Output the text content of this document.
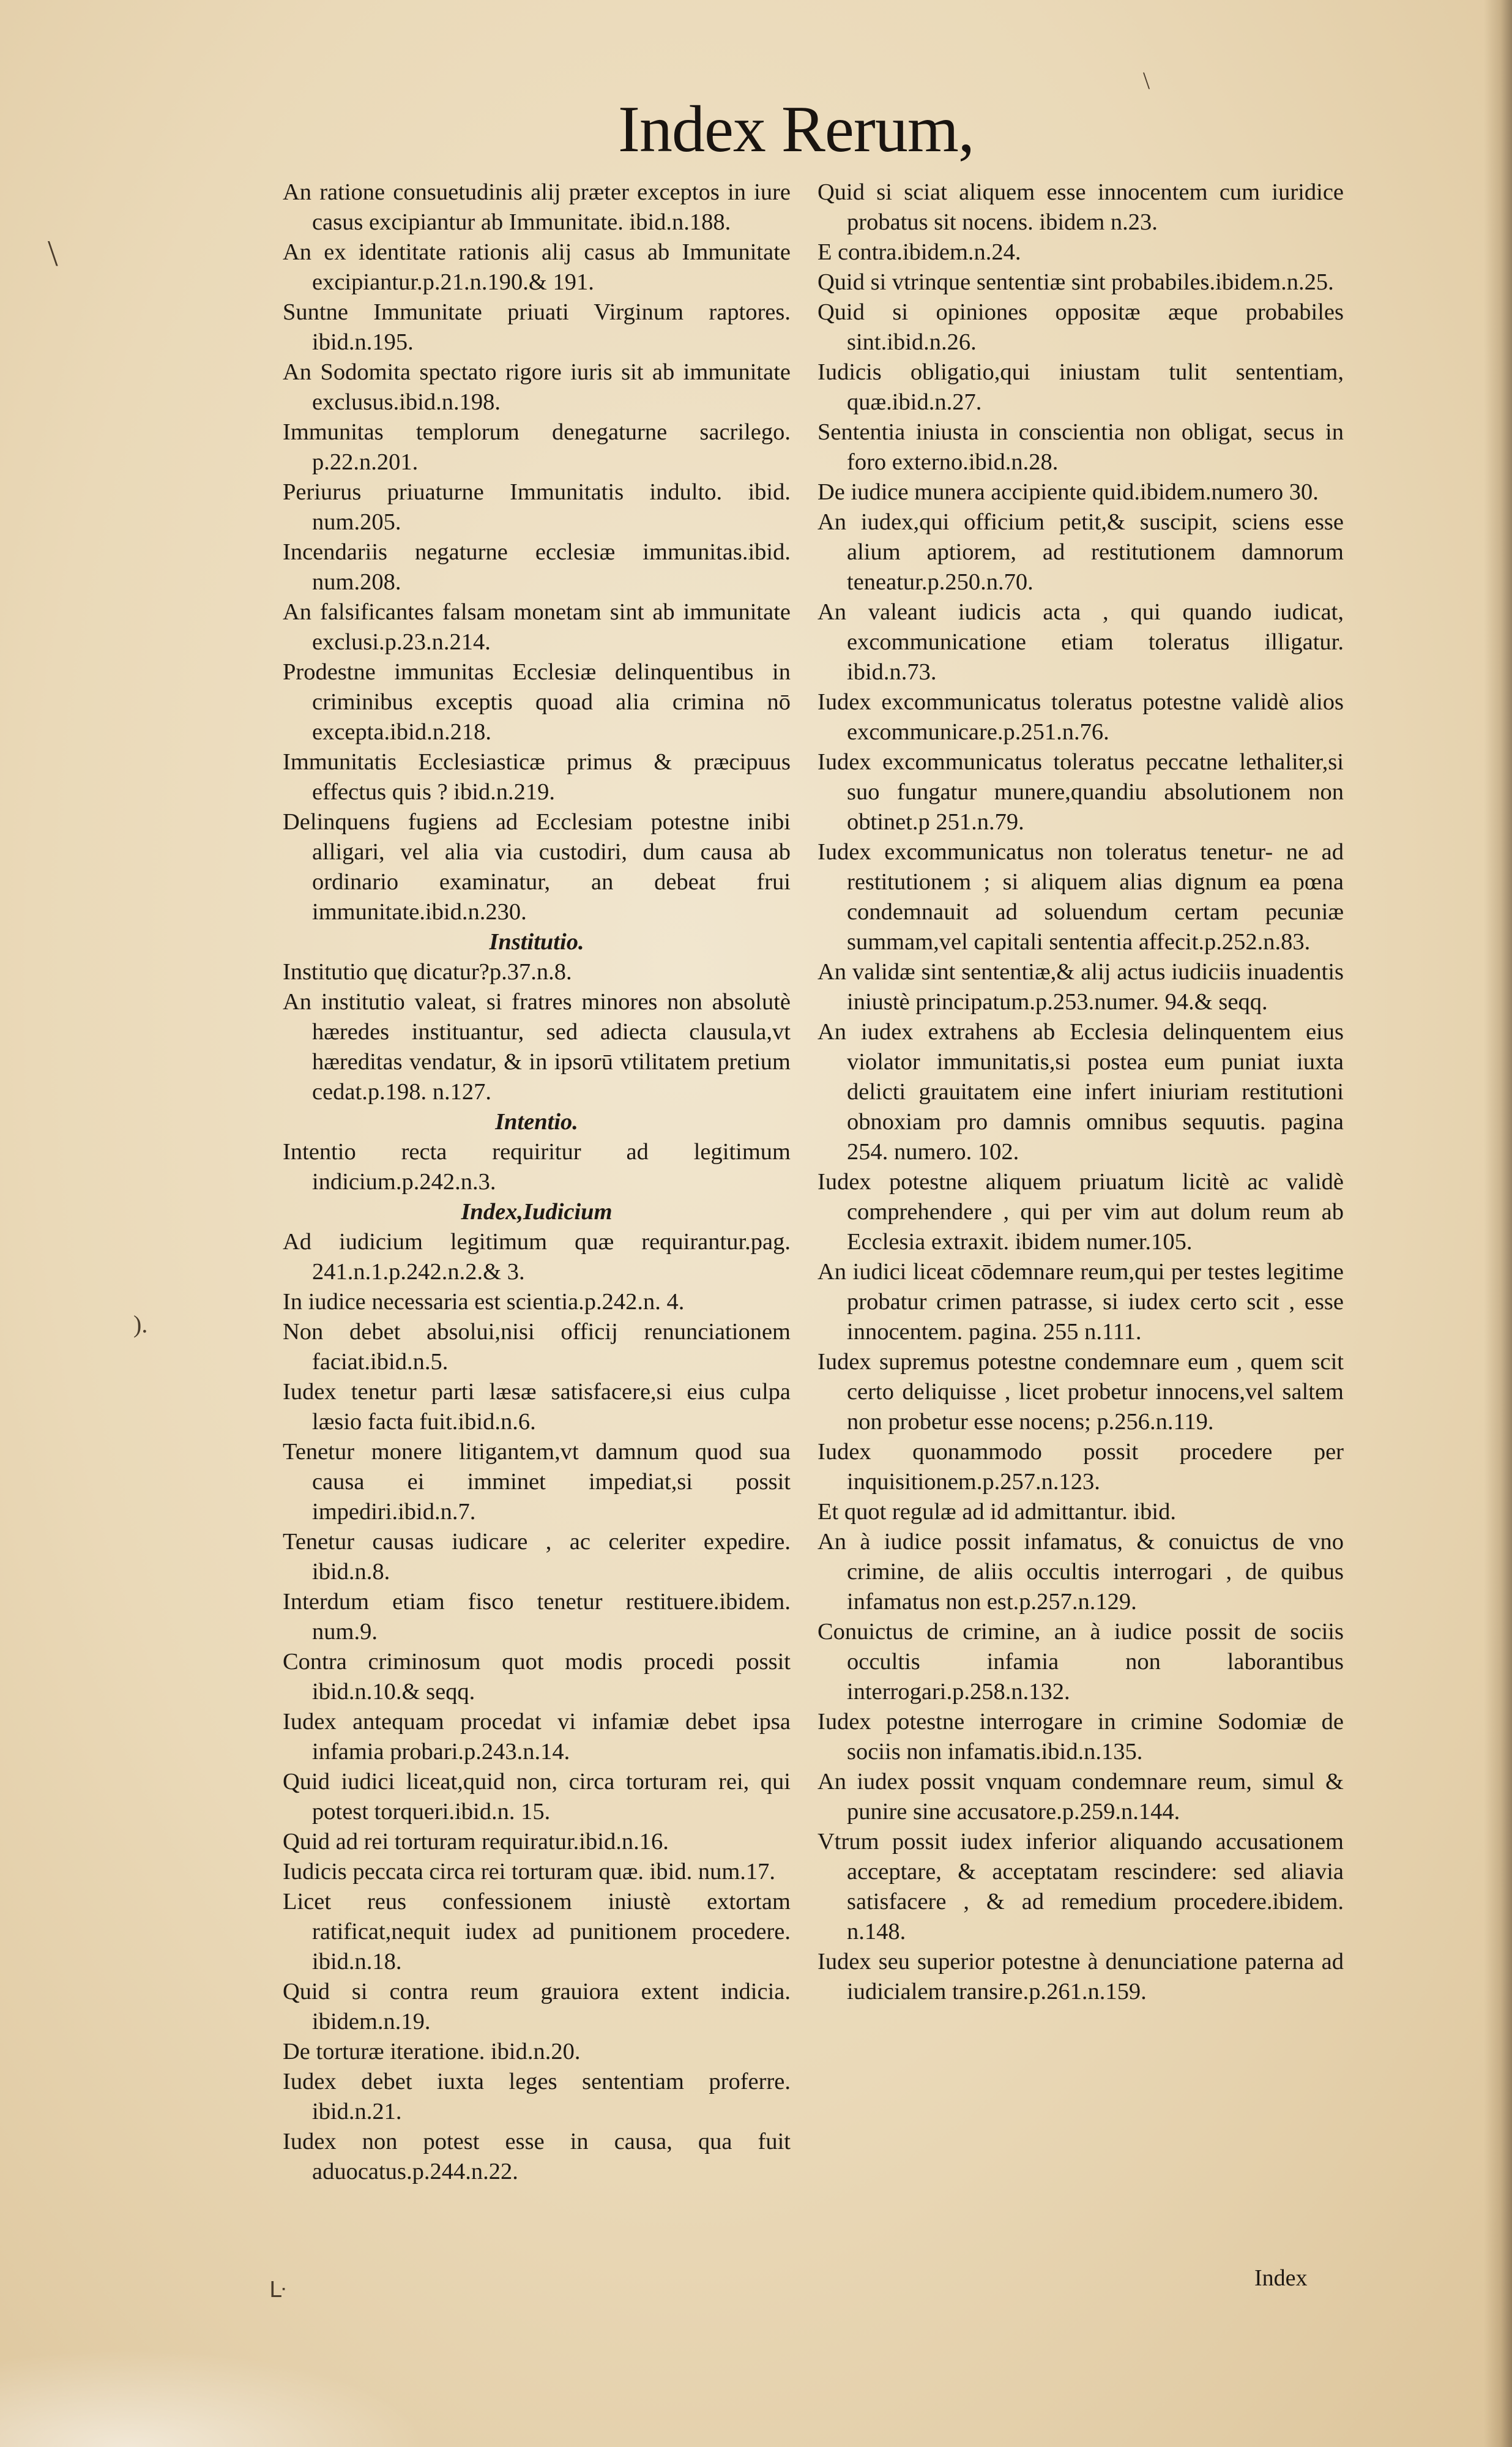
Index Rerum,

An ratione consuetudinis alij præter exceptos in iure casus excipiantur ab Immunitate. ibid.n.188.

An ex identitate rationis alij casus ab Immunitate excipiantur.p.21.n.190.& 191.

Suntne Immunitate priuati Virginum raptores. ibid.n.195.

An Sodomita spectato rigore iuris sit ab immunitate exclusus.ibid.n.198.

Immunitas templorum denegaturne sacrilego. p.22.n.201.

Periurus priuaturne Immunitatis indulto. ibid. num.205.

Incendariis negaturne ecclesiæ immunitas.ibid. num.208.

An falsificantes falsam monetam sint ab immunitate exclusi.p.23.n.214.

Prodestne immunitas Ecclesiæ delinquentibus in criminibus exceptis quoad alia crimina nō excepta.ibid.n.218.

Immunitatis Ecclesiasticæ primus & præcipuus effectus quis ? ibid.n.219.

Delinquens fugiens ad Ecclesiam potestne inibi alligari, vel alia via custodiri, dum causa ab ordinario examinatur, an debeat frui immunitate.ibid.n.230.

Institutio.

Institutio quę dicatur?p.37.n.8.

An institutio valeat, si fratres minores non absolutè hæredes instituantur, sed adiecta clausula,vt hæreditas vendatur, & in ipsorū vtilitatem pretium cedat.p.198. n.127.

Intentio.

Intentio recta requiritur ad legitimum indicium.p.242.n.3.

Index,Iudicium

Ad iudicium legitimum quæ requirantur.pag. 241.n.1.p.242.n.2.& 3.

In iudice necessaria est scientia.p.242.n. 4.

Non debet absolui,nisi officij renunciationem faciat.ibid.n.5.

Iudex tenetur parti læsæ satisfacere,si eius culpa læsio facta fuit.ibid.n.6.

Tenetur monere litigantem,vt damnum quod sua causa ei imminet impediat,si possit impediri.ibid.n.7.

Tenetur causas iudicare , ac celeriter expedire. ibid.n.8.

Interdum etiam fisco tenetur restituere.ibidem. num.9.

Contra criminosum quot modis procedi possit ibid.n.10.& seqq.

Iudex antequam procedat vi infamiæ debet ipsa infamia probari.p.243.n.14.

Quid iudici liceat,quid non, circa torturam rei, qui potest torqueri.ibid.n. 15.

Quid ad rei torturam requiratur.ibid.n.16.

Iudicis peccata circa rei torturam quæ. ibid. num.17.

Licet reus confessionem iniustè extortam ratificat,nequit iudex ad punitionem procedere. ibid.n.18.

Quid si contra reum grauiora extent indicia. ibidem.n.19.

De torturæ iteratione. ibid.n.20.

Iudex debet iuxta leges sententiam proferre. ibid.n.21.

Iudex non potest esse in causa, qua fuit aduocatus.p.244.n.22.

Quid si sciat aliquem esse innocentem cum iuridice probatus sit nocens. ibidem n.23.

E contra.ibidem.n.24.

Quid si vtrinque sententiæ sint probabiles.ibidem.n.25.

Quid si opiniones oppositæ æque probabiles sint.ibid.n.26.

Iudicis obligatio,qui iniustam tulit sententiam, quæ.ibid.n.27.

Sententia iniusta in conscientia non obligat, secus in foro externo.ibid.n.28.

De iudice munera accipiente quid.ibidem.numero 30.

An iudex,qui officium petit,& suscipit, sciens esse alium aptiorem, ad restitutionem damnorum teneatur.p.250.n.70.

An valeant iudicis acta , qui quando iudicat, excommunicatione etiam toleratus illigatur. ibid.n.73.

Iudex excommunicatus toleratus potestne validè alios excommunicare.p.251.n.76.

Iudex excommunicatus toleratus peccatne lethaliter,si suo fungatur munere,quandiu absolutionem non obtinet.p 251.n.79.

Iudex excommunicatus non toleratus tenetur- ne ad restitutionem ; si aliquem alias dignum ea pœna condemnauit ad soluendum certam pecuniæ summam,vel capitali sententia affecit.p.252.n.83.

An validæ sint sententiæ,& alij actus iudiciis inuadentis iniustè principatum.p.253.numer. 94.& seqq.

An iudex extrahens ab Ecclesia delinquentem eius violator immunitatis,si postea eum puniat iuxta delicti grauitatem eine infert iniuriam restitutioni obnoxiam pro damnis omnibus sequutis. pagina 254. numero. 102.

Iudex potestne aliquem priuatum licitè ac validè comprehendere , qui per vim aut dolum reum ab Ecclesia extraxit. ibidem numer.105.

An iudici liceat cōdemnare reum,qui per testes legitime probatur crimen patrasse, si iudex certo scit , esse innocentem. pagina. 255 n.111.

Iudex supremus potestne condemnare eum , quem scit certo deliquisse , licet probetur innocens,vel saltem non probetur esse nocens; p.256.n.119.

Iudex quonammodo possit procedere per inquisitionem.p.257.n.123.

Et quot regulæ ad id admittantur. ibid.

An à iudice possit infamatus, & conuictus de vno crimine, de aliis occultis interrogari , de quibus infamatus non est.p.257.n.129.

Conuictus de crimine, an à iudice possit de sociis occultis infamia non laborantibus interrogari.p.258.n.132.

Iudex potestne interrogare in crimine Sodomiæ de sociis non infamatis.ibid.n.135.

An iudex possit vnquam condemnare reum, simul & punire sine accusatore.p.259.n.144.

Vtrum possit iudex inferior aliquando accusationem acceptare, & acceptatam rescindere: sed aliavia satisfacere , & ad remedium procedere.ibidem. n.148.

Iudex seu superior potestne à denunciatione paterna ad iudicialem transire.p.261.n.159.

Index
\
\
).
ᒷ
